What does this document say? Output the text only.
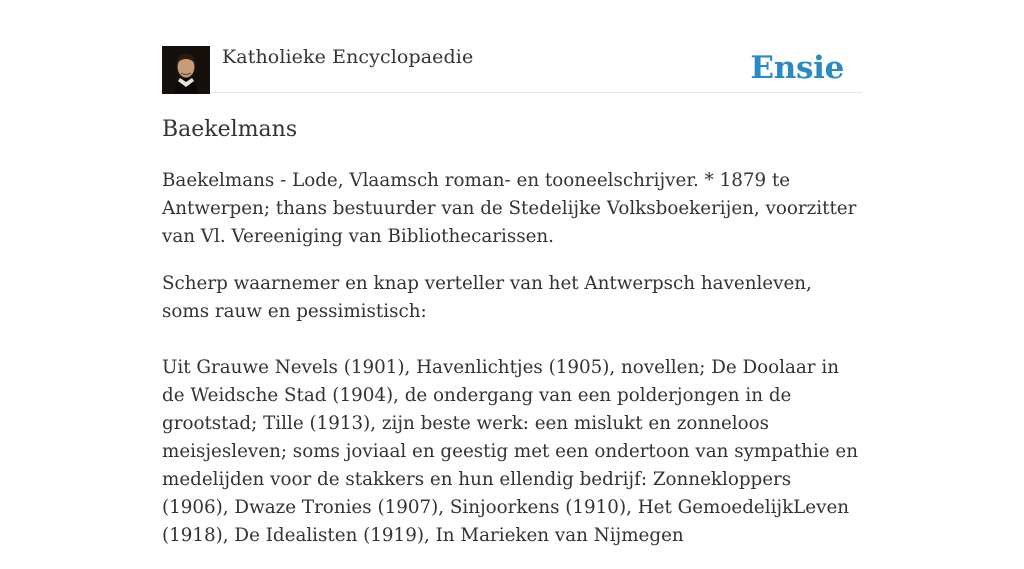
Katholieke Encyclopaedie	Ensie
Baekelmans

Baekelmans - Lode, Vlaamsch roman- en tooneelschrijver. * 1879 te Antwerpen; thans bestuurder van de Stedelijke Volksboekerijen, voorzitter van Vl. Vereeniging van Bibliothecarissen.

Scherp waarnemer en knap verteller van het Antwerpsch havenleven, soms rauw en pessimistisch:

Uit Grauwe Nevels (1901), Havenlichtjes (1905), novellen; De Doolaar in de Weidsche Stad (1904), de ondergang van een polderjongen in de grootstad; Tille (1913), zijn beste werk: een mislukt en zonneloos meisjesleven; soms joviaal en geestig met een ondertoon van sympathie en medelijden voor de stakkers en hun ellendig bedrijf: Zonnekloppers (1906), Dwaze Tronies (1907), Sinjoorkens (1910), Het GemoedelijkLeven (1918), De Idealisten (1919), In Marieken van Nijmegen
